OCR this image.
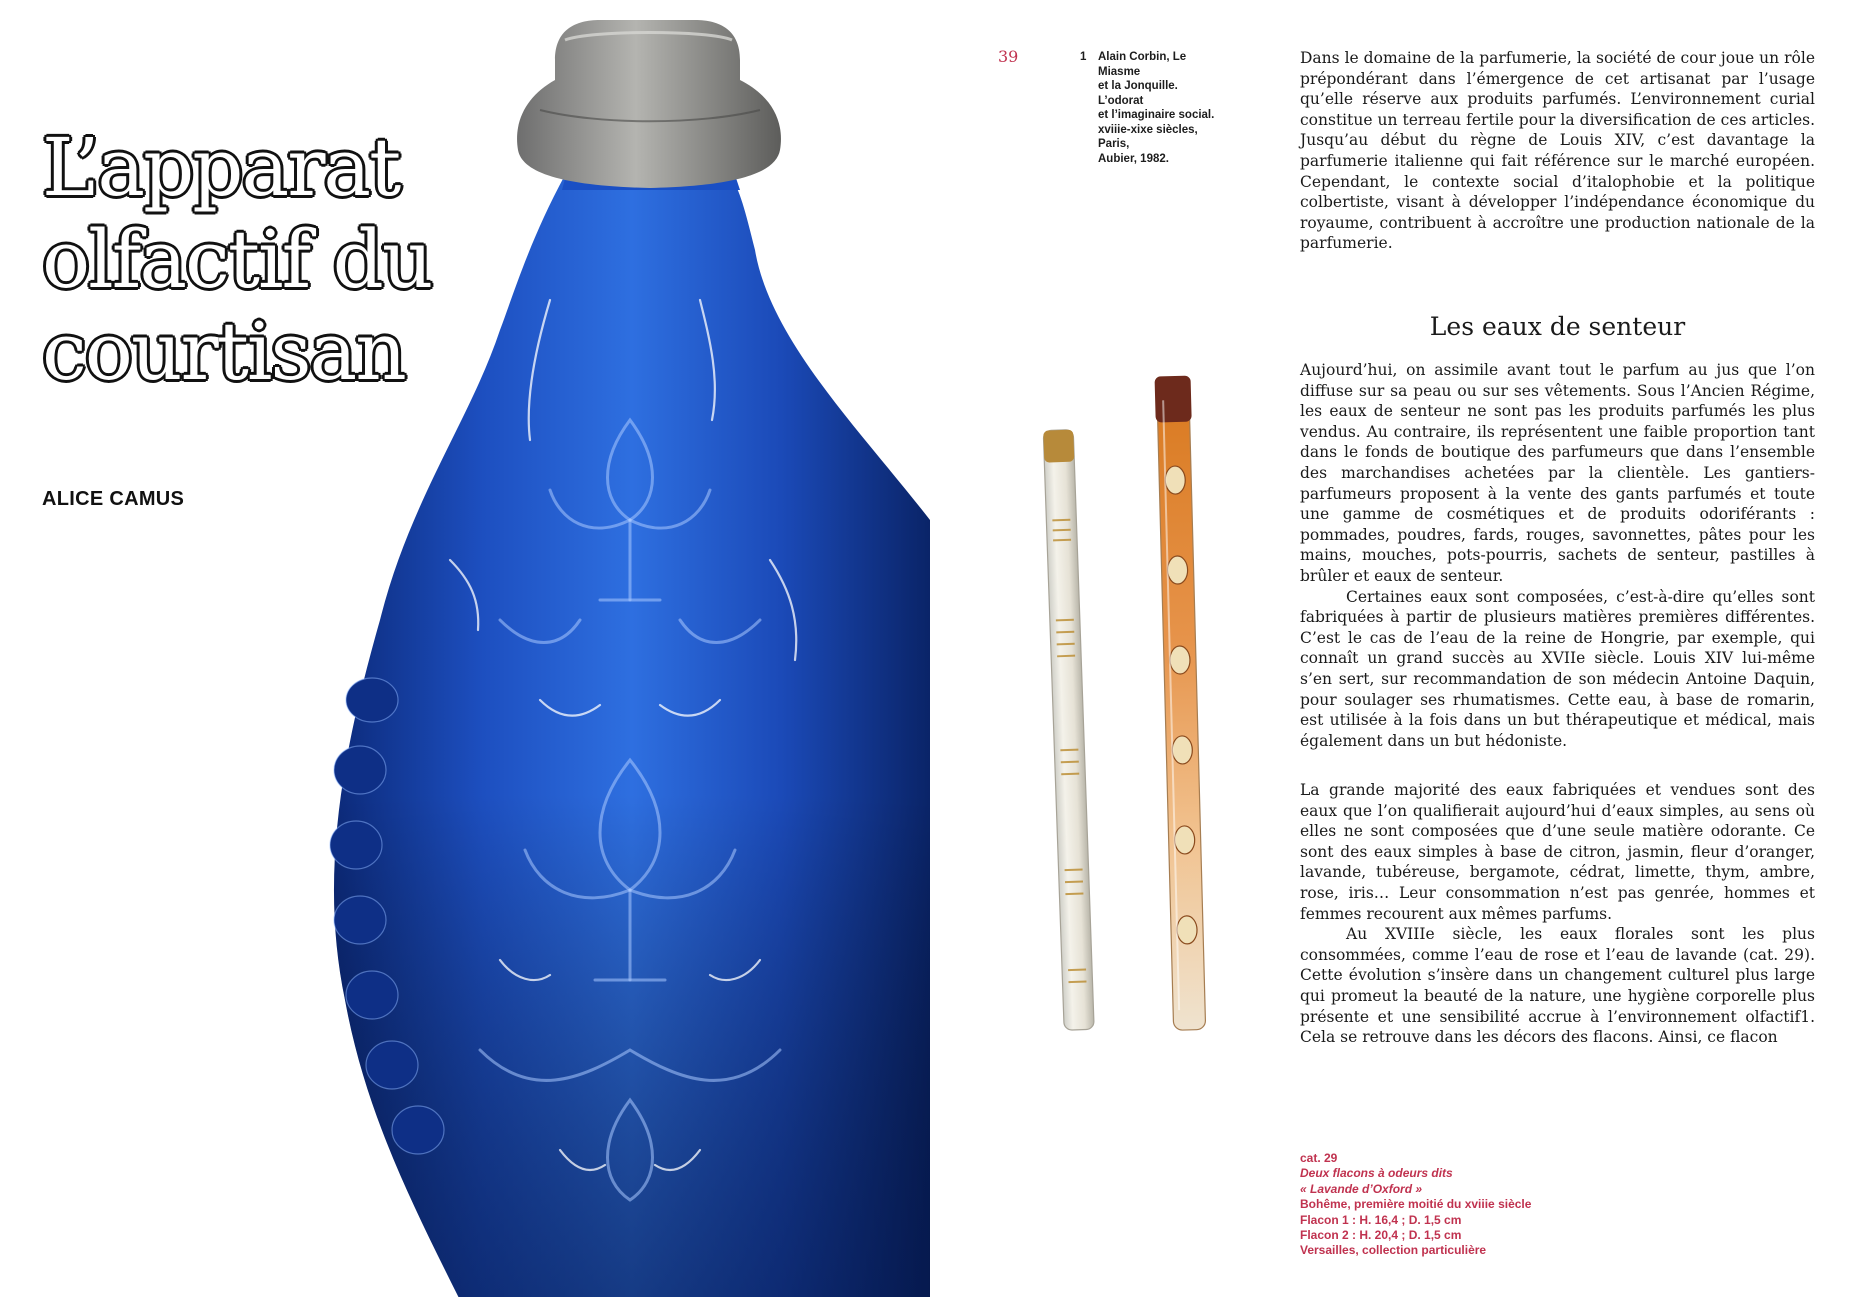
L’apparat
olfactif du
courtisan

ALICE CAMUS

39	1 Alain Corbin, Le Miasme
et la Jonquille. L’odorat
et l’imaginaire social.
xviiie-xixe siècles, Paris,
Aubier, 1982.

Dans le domaine de la parfumerie, la société de cour joue un rôle prépondérant dans l’émergence de cet artisanat par l’usage qu’elle réserve aux produits parfumés. L’environnement curial constitue un terreau fertile pour la diversification de ces articles. Jusqu’au début du règne de Louis XIV, c’est davantage la parfumerie italienne qui fait référence sur le marché européen. Cependant, le contexte social d’italophobie et la politique colbertiste, visant à développer l’indépendance économique du royaume, contribuent à accroître une production nationale de la parfumerie.

Les eaux de senteur

Aujourd’hui, on assimile avant tout le parfum au jus que l’on diffuse sur sa peau ou sur ses vêtements. Sous l’Ancien Régime, les eaux de senteur ne sont pas les produits parfumés les plus vendus. Au contraire, ils représentent une faible proportion tant dans le fonds de boutique des parfumeurs que dans l’ensemble des marchandises achetées par la clientèle. Les gantiers-parfumeurs proposent à la vente des gants parfumés et toute une gamme de cosmétiques et de produits odoriférants : pommades, poudres, fards, rouges, savonnettes, pâtes pour les mains, mouches, pots-pourris, sachets de senteur, pastilles à brûler et eaux de senteur.

Certaines eaux sont composées, c’est-à-dire qu’elles sont fabriquées à partir de plusieurs matières premières différentes. C’est le cas de l’eau de la reine de Hongrie, par exemple, qui connaît un grand succès au XVIIe siècle. Louis XIV lui-même s’en sert, sur recommandation de son médecin Antoine Daquin, pour soulager ses rhumatismes. Cette eau, à base de romarin, est utilisée à la fois dans un but thérapeutique et médical, mais également dans un but hédoniste.

La grande majorité des eaux fabriquées et vendues sont des eaux que l’on qualifierait aujourd’hui d’eaux simples, au sens où elles ne sont composées que d’une seule matière odorante. Ce sont des eaux simples à base de citron, jasmin, fleur d’oranger, lavande, tubéreuse, bergamote, cédrat, limette, thym, ambre, rose, iris… Leur consommation n’est pas genrée, hommes et femmes recourent aux mêmes parfums.

Au XVIIIe siècle, les eaux florales sont les plus consommées, comme l’eau de rose et l’eau de lavande (cat. 29). Cette évolution s’insère dans un changement culturel plus large qui promeut la beauté de la nature, une hygiène corporelle plus présente et une sensibilité accrue à l’environnement olfactif1. Cela se retrouve dans les décors des flacons. Ainsi, ce flacon

cat. 29
Deux flacons à odeurs dits
« Lavande d’Oxford »
Bohême, première moitié du xviiie siècle
Flacon 1 : H. 16,4 ; D. 1,5 cm
Flacon 2 : H. 20,4 ; D. 1,5 cm
Versailles, collection particulière
